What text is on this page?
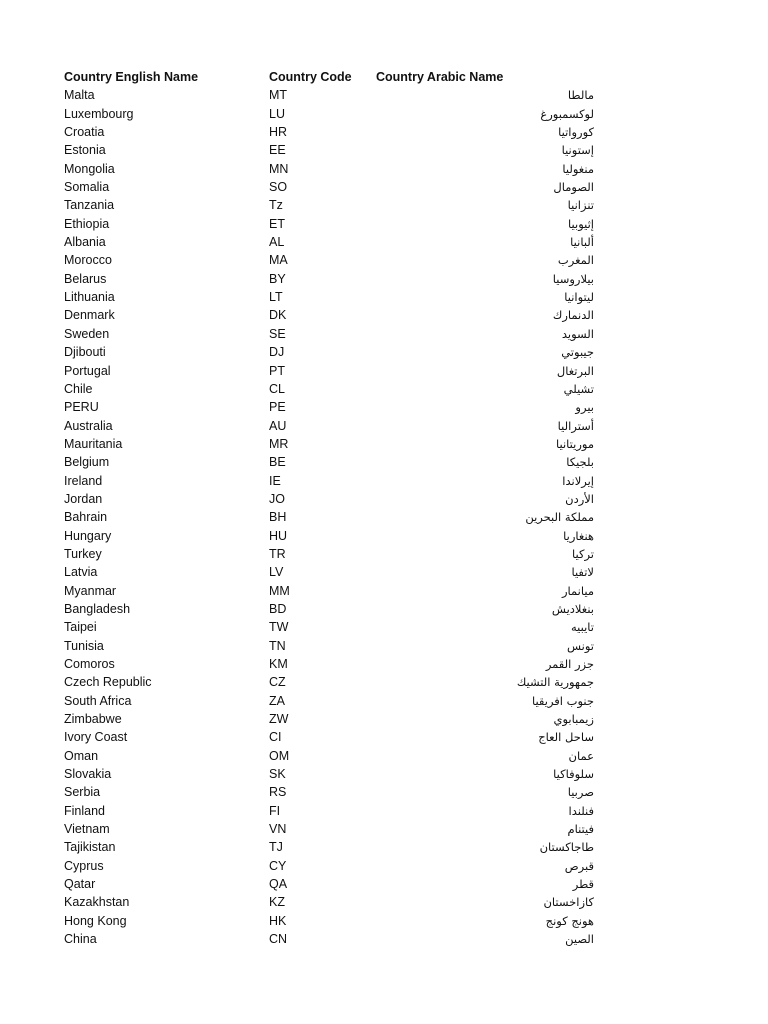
Country English Name	Country Code	Country Arabic Name
Malta	MT	مالطا
Luxembourg	LU	لوكسمبورغ
Croatia	HR	كورواتيا
Estonia	EE	إستونيا
Mongolia	MN	منغوليا
Somalia	SO	الصومال
Tanzania	Tz	تنزانيا
Ethiopia	ET	إثيوبيا
Albania	AL	ألبانيا
Morocco	MA	المغرب
Belarus	BY	بيلاروسيا
Lithuania	LT	ليتوانيا
Denmark	DK	الدنمارك
Sweden	SE	السويد
Djibouti	DJ	جيبوتي
Portugal	PT	البرتغال
Chile	CL	تشيلي
PERU	PE	بيرو
Australia	AU	أستراليا
Mauritania	MR	موريتانيا
Belgium	BE	بلجيكا
Ireland	IE	إيرلاندا
Jordan	JO	الأردن
Bahrain	BH	مملكة البحرين
Hungary	HU	هنغاريا
Turkey	TR	تركيا
Latvia	LV	لاتفيا
Myanmar	MM	ميانمار
Bangladesh	BD	بنغلاديش
Taipei	TW	تايبيه
Tunisia	TN	تونس
Comoros	KM	جزر القمر
Czech Republic	CZ	جمهورية التشيك
South Africa	ZA	جنوب افريقيا
Zimbabwe	ZW	زيمبابوي
Ivory Coast	CI	ساحل العاج
Oman	OM	عمان
Slovakia	SK	سلوفاكيا
Serbia	RS	صربيا
Finland	FI	فنلندا
Vietnam	VN	فيتنام
Tajikistan	TJ	طاجاكستان
Cyprus	CY	قبرص
Qatar	QA	قطر
Kazakhstan	KZ	كازاخستان
Hong Kong	HK	هونج كونج
China	CN	الصين
